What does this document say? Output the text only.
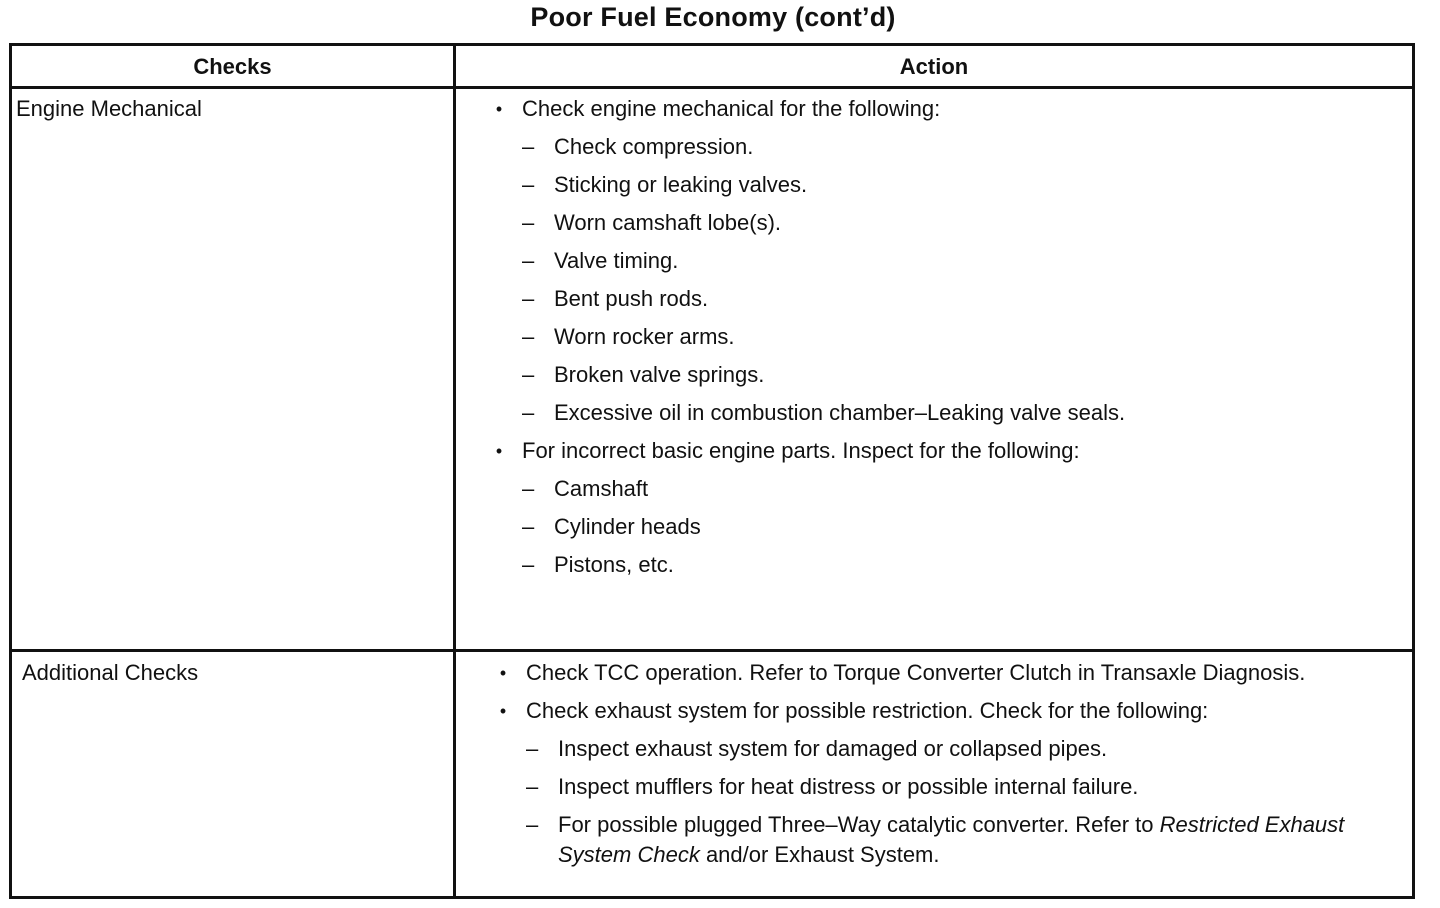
Poor Fuel Economy (cont’d)
Checks	Action
Engine Mechanical	• Check engine mechanical for the following:
– Check compression.
– Sticking or leaking valves.
– Worn camshaft lobe(s).
– Valve timing.
– Bent push rods.
– Worn rocker arms.
– Broken valve springs.
– Excessive oil in combustion chamber–Leaking valve seals.
• For incorrect basic engine parts. Inspect for the following:
– Camshaft
– Cylinder heads
– Pistons, etc.
Additional Checks	• Check TCC operation. Refer to Torque Converter Clutch in Transaxle Diagnosis.
• Check exhaust system for possible restriction. Check for the following:
– Inspect exhaust system for damaged or collapsed pipes.
– Inspect mufflers for heat distress or possible internal failure.
– For possible plugged Three–Way catalytic converter. Refer to Restricted Exhaust System Check and/or Exhaust System.
